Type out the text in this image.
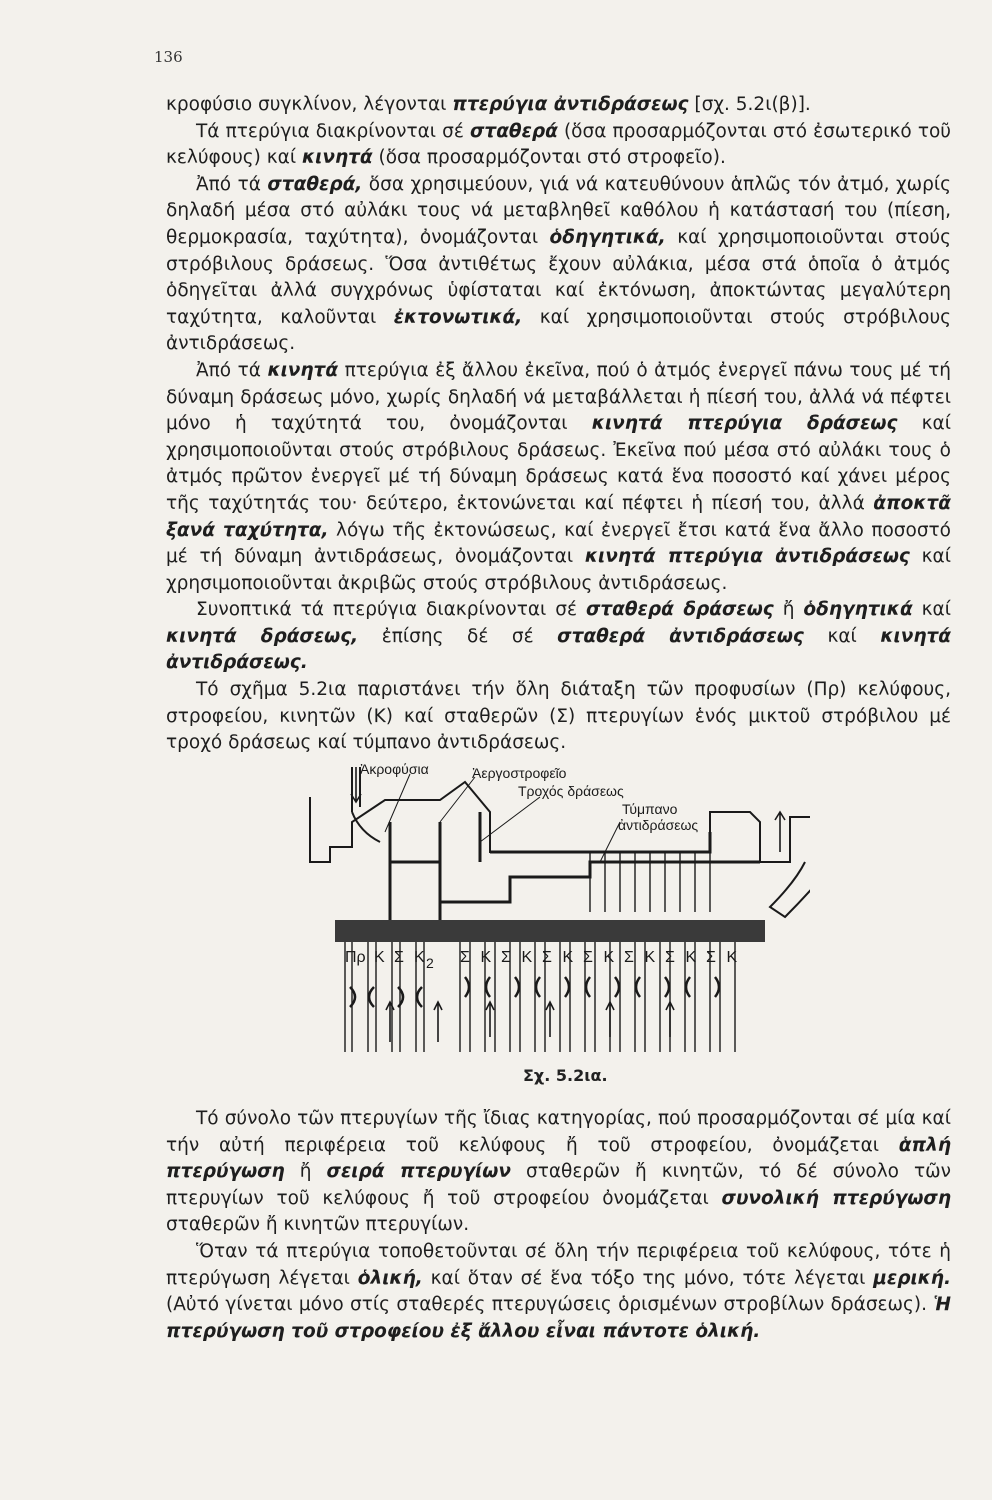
136

κροφύσιο συγκλίνον, λέγονται πτερύγια ἀντιδράσεως [σχ. 5.2ι(β)].

Τά πτερύγια διακρίνονται σέ σταθερά (ὅσα προσαρμόζονται στό ἐσωτερικό τοῦ κελύφους) καί κινητά (ὅσα προσαρμόζονται στό στροφεῖο).

Ἀπό τά σταθερά, ὅσα χρησιμεύουν, γιά νά κατευθύνουν ἁπλῶς τόν ἀτμό, χωρίς δηλαδή μέσα στό αὐλάκι τους νά μεταβληθεῖ καθόλου ἡ κατάστασή του (πίεση, θερμοκρασία, ταχύτητα), ὀνομάζονται ὁδηγητικά, καί χρησιμοποιοῦνται στούς στρόβιλους δράσεως. Ὅσα ἀντιθέτως ἔχουν αὐλάκια, μέσα στά ὁποῖα ὁ ἀτμός ὁδηγεῖται ἀλλά συγχρόνως ὑφίσταται καί ἐκτόνωση, ἀποκτώντας μεγαλύτερη ταχύτητα, καλοῦνται ἐκτονωτικά, καί χρησιμοποιοῦνται στούς στρόβιλους ἀντιδράσεως.

Ἀπό τά κινητά πτερύγια ἐξ ἄλλου ἐκεῖνα, πού ὁ ἀτμός ἐνεργεῖ πάνω τους μέ τή δύναμη δράσεως μόνο, χωρίς δηλαδή νά μεταβάλλεται ἡ πίεσή του, ἀλλά νά πέφτει μόνο ἡ ταχύτητά του, ὀνομάζονται κινητά πτερύγια δράσεως καί χρησιμοποιοῦνται στούς στρόβιλους δράσεως. Ἐκεῖνα πού μέσα στό αὐλάκι τους ὁ ἀτμός πρῶτον ἐνεργεῖ μέ τή δύναμη δράσεως κατά ἕνα ποσοστό καί χάνει μέρος τῆς ταχύτητάς του· δεύτερο, ἐκτονώνεται καί πέφτει ἡ πίεσή του, ἀλλά ἀποκτᾶ ξανά ταχύτητα, λόγω τῆς ἐκτονώσεως, καί ἐνεργεῖ ἔτσι κατά ἕνα ἄλλο ποσοστό μέ τή δύναμη ἀντιδράσεως, ὀνομάζονται κινητά πτερύγια ἀντιδράσεως καί χρησιμοποιοῦνται ἀκριβῶς στούς στρόβιλους ἀντιδράσεως.

Συνοπτικά τά πτερύγια διακρίνονται σέ σταθερά δράσεως ἤ ὁδηγητικά καί κινητά δράσεως, ἐπίσης δέ σέ σταθερά ἀντιδράσεως καί κινητά ἀντιδράσεως.

Τό σχῆμα 5.2ια παριστάνει τήν ὅλη διάταξη τῶν προφυσίων (Πρ) κελύφους, στροφείου, κινητῶν (Κ) καί σταθερῶν (Σ) πτερυγίων ἑνός μικτοῦ στρόβιλου μέ τροχό δράσεως καί τύμπανο ἀντιδράσεως.

Ἀκροφύσια	Ἀεργοστροφεῖο
Τροχός δράσεως
Τύμπανο
ἀντιδράσεως
Πρ Κ Σ Κ 2 Σ Κ Σ Κ Σ Κ Σ Κ Σ Κ Σ Κ Σ Κ
Σχ. 5.2ια.

Τό σύνολο τῶν πτερυγίων τῆς ἴδιας κατηγορίας, πού προσαρμόζονται σέ μία καί τήν αὐτή περιφέρεια τοῦ κελύφους ἤ τοῦ στροφείου, ὀνομάζεται ἁπλή πτερύγωση ἤ σειρά πτερυγίων σταθερῶν ἤ κινητῶν, τό δέ σύνολο τῶν πτερυγίων τοῦ κελύφους ἤ τοῦ στροφείου ὀνομάζεται συνολική πτερύγωση σταθερῶν ἤ κινητῶν πτερυγίων.

Ὅταν τά πτερύγια τοποθετοῦνται σέ ὅλη τήν περιφέρεια τοῦ κελύφους, τότε ἡ πτερύγωση λέγεται ὁλική, καί ὅταν σέ ἕνα τόξο της μόνο, τότε λέγεται μερική. (Αὐτό γίνεται μόνο στίς σταθερές πτερυγώσεις ὁρισμένων στροβίλων δράσεως). Ἡ πτερύγωση τοῦ στροφείου ἐξ ἄλλου εἶναι πάντοτε ὁλική.
